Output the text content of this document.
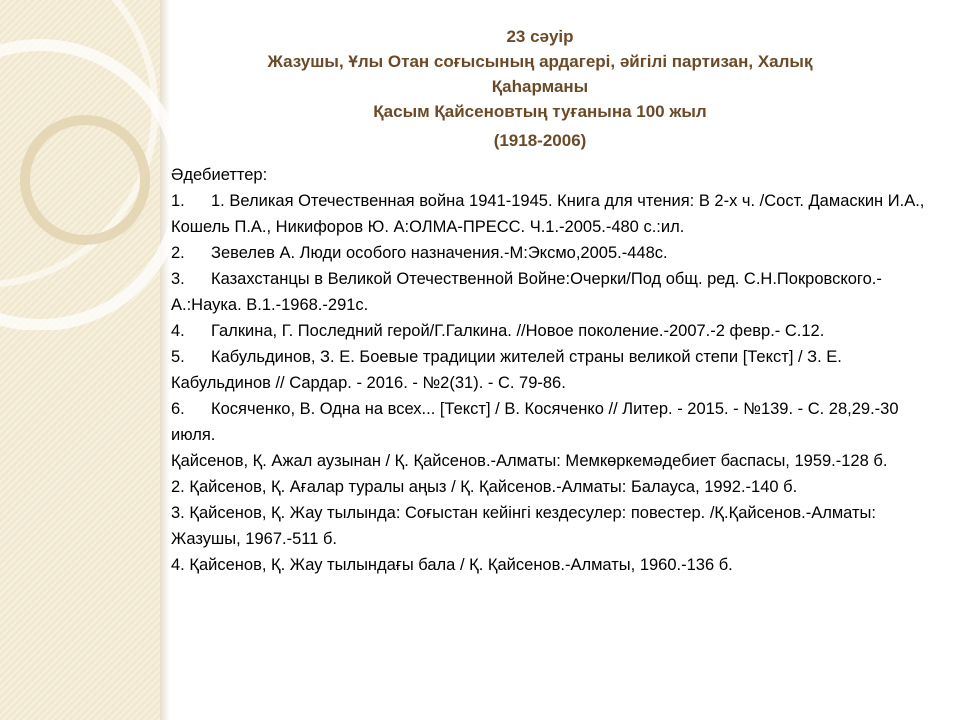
23 сәуір
Жазушы, Ұлы Отан соғысының ардагері, әйгілі партизан, Халық
Қаһарманы
Қасым Қайсеновтың туғанына 100 жыл
(1918-2006)
Әдебиеттер:
1. 1. Великая Отечественная война 1941-1945. Книга для чтения: В 2-х ч. /Сост. Дамаскин И.А., Кошель П.А., Никифоров Ю. А:ОЛМА-ПРЕСС. Ч.1.-2005.-480 с.:ил.
2. Зевелев А. Люди особого назначения.-М:Эксмо,2005.-448с.
3. Казахстанцы в Великой Отечественной Войне:Очерки/Под общ. ред. С.Н.Покровского.-А.:Наука. В.1.-1968.-291с.
4. Галкина, Г. Последний герой/Г.Галкина. //Новое поколение.-2007.-2 февр.- С.12.
5. Кабульдинов, З. Е. Боевые традиции жителей страны великой степи [Текст] / З. Е. Кабульдинов // Сардар. - 2016. - №2(31). - С. 79-86.
6. Косяченко, В. Одна на всех... [Текст] / В. Косяченко // Литер. - 2015. - №139. - С. 28,29.-30 июля.
Қайсенов, Қ. Ажал аузынан / Қ. Қайсенов.-Алматы: Мемкөркемәдебиет баспасы, 1959.-128 б.
2. Қайсенов, Қ. Ағалар туралы аңыз / Қ. Қайсенов.-Алматы: Балауса, 1992.-140 б.
3. Қайсенов, Қ. Жау тылында: Соғыстан кейінгі кездесулер: повестер. /Қ.Қайсенов.-Алматы: Жазушы, 1967.-511 б.
4. Қайсенов, Қ. Жау тылындағы бала / Қ. Қайсенов.-Алматы, 1960.-136 б.
